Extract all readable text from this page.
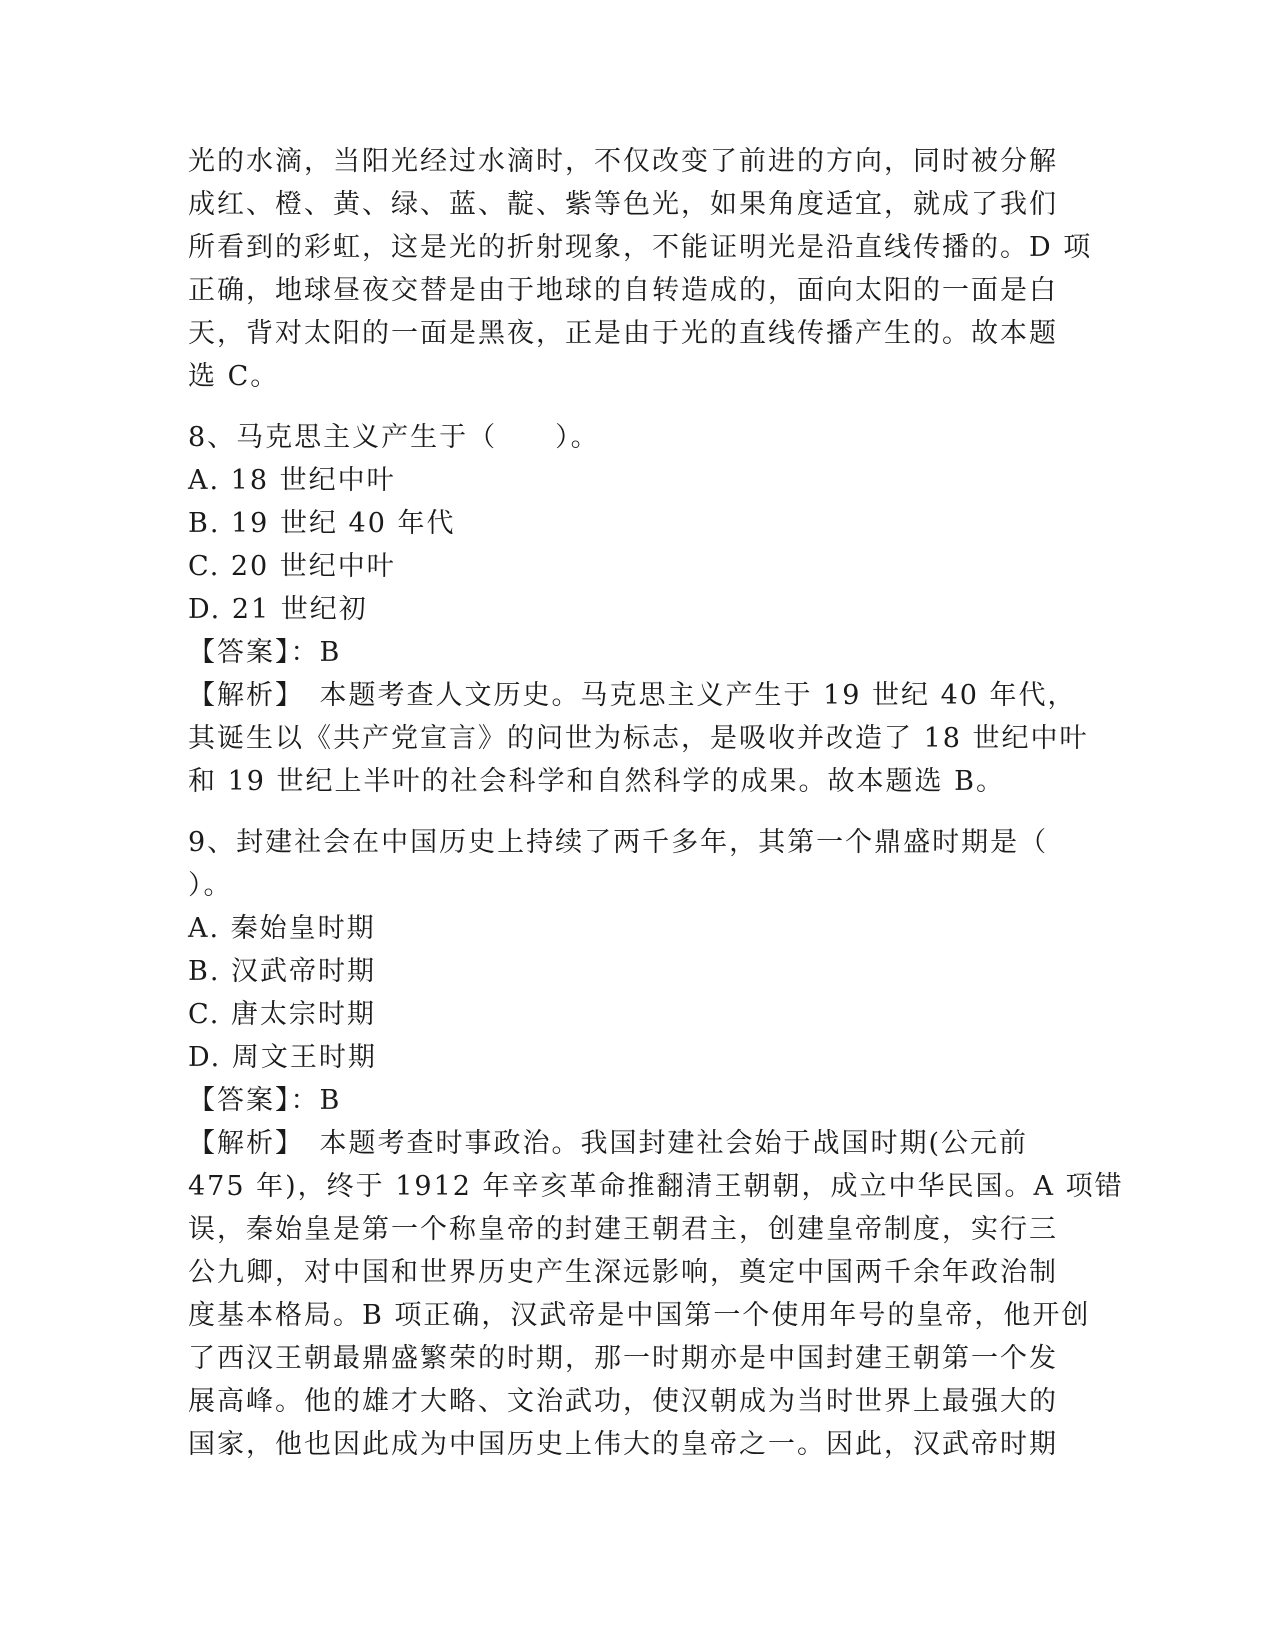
光的水滴，当阳光经过水滴时，不仅改变了前进的方向，同时被分解
成红、橙、黄、绿、蓝、靛、紫等色光，如果角度适宜，就成了我们
所看到的彩虹，这是光的折射现象，不能证明光是沿直线传播的。D 项
正确，地球昼夜交替是由于地球的自转造成的，面向太阳的一面是白
天，背对太阳的一面是黑夜，正是由于光的直线传播产生的。故本题
选 C。
8、马克思主义产生于（　　）。
A. 18 世纪中叶
B. 19 世纪 40 年代
C. 20 世纪中叶
D. 21 世纪初
【答案】：B
【解析】　本题考查人文历史。马克思主义产生于 19 世纪 40 年代，
其诞生以《共产党宣言》的问世为标志，是吸收并改造了 18 世纪中叶
和 19 世纪上半叶的社会科学和自然科学的成果。故本题选 B。
9、封建社会在中国历史上持续了两千多年，其第一个鼎盛时期是（
）。
A. 秦始皇时期
B. 汉武帝时期
C. 唐太宗时期
D. 周文王时期
【答案】：B
【解析】　本题考查时事政治。我国封建社会始于战国时期(公元前
475 年)，终于 1912 年辛亥革命推翻清王朝朝，成立中华民国。A 项错
误，秦始皇是第一个称皇帝的封建王朝君主，创建皇帝制度，实行三
公九卿，对中国和世界历史产生深远影响，奠定中国两千余年政治制
度基本格局。B 项正确，汉武帝是中国第一个使用年号的皇帝，他开创
了西汉王朝最鼎盛繁荣的时期，那一时期亦是中国封建王朝第一个发
展高峰。他的雄才大略、文治武功，使汉朝成为当时世界上最强大的
国家，他也因此成为中国历史上伟大的皇帝之一。因此，汉武帝时期
